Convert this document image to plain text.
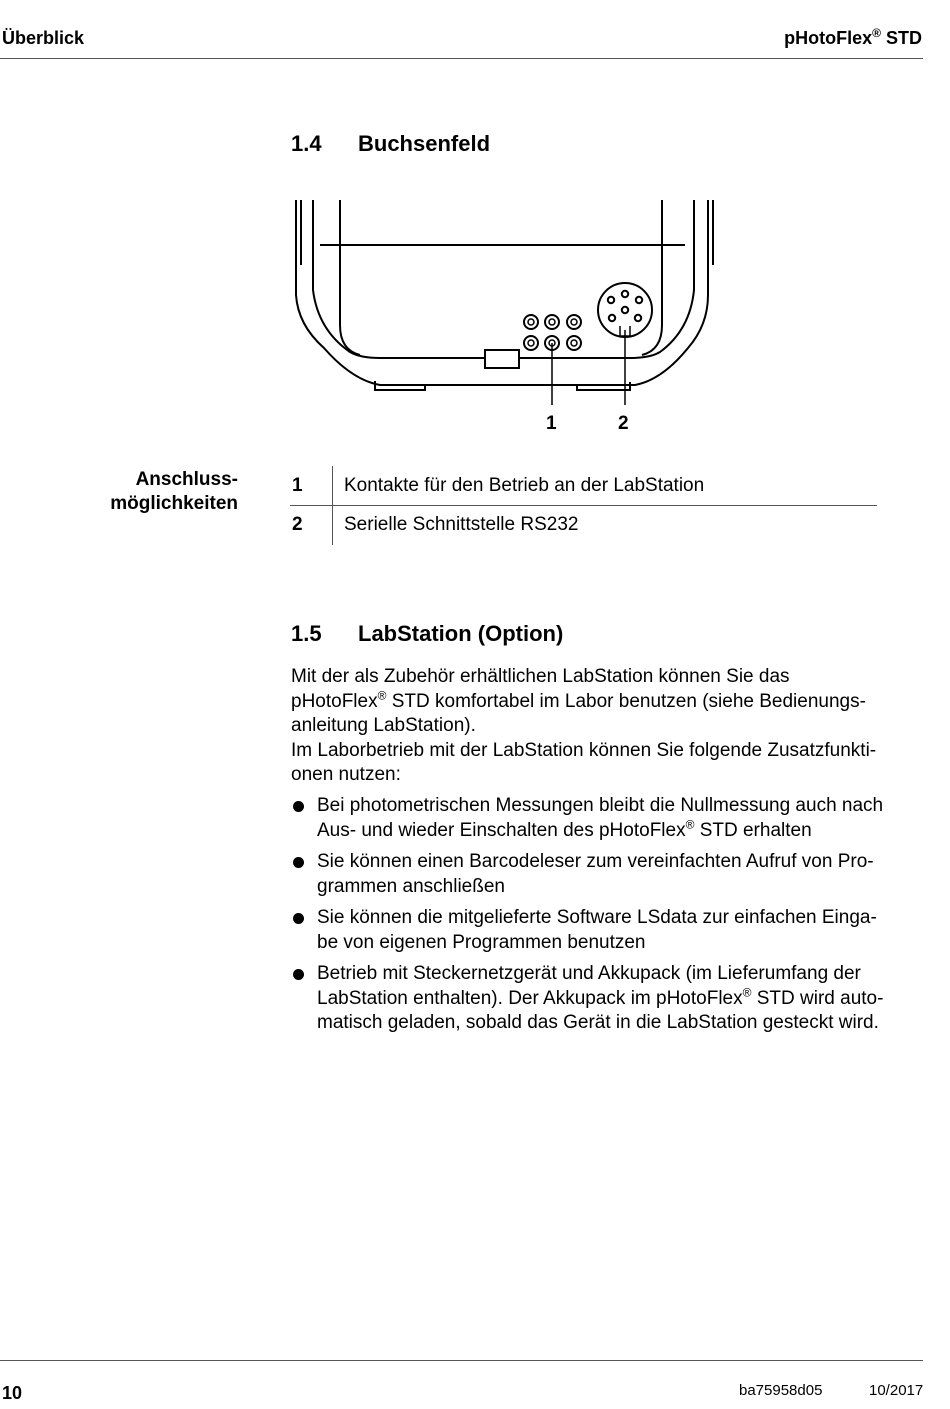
Überblick	pHotoFlex® STD
1.4 Buchsenfeld
1	2
Anschluss-
möglichkeiten
1 Kontakte für den Betrieb an der LabStation
2 Serielle Schnittstelle RS232
1.5 LabStation (Option)
Mit der als Zubehör erhältlichen LabStation können Sie das
pHotoFlex® STD komfortabel im Labor benutzen (siehe Bedienungs-
anleitung LabStation).
Im Laborbetrieb mit der LabStation können Sie folgende Zusatzfunkti-
onen nutzen:
Bei photometrischen Messungen bleibt die Nullmessung auch nach
Aus- und wieder Einschalten des pHotoFlex® STD erhalten
Sie können einen Barcodeleser zum vereinfachten Aufruf von Pro-
grammen anschließen
Sie können die mitgelieferte Software LSdata zur einfachen Einga-
be von eigenen Programmen benutzen
Betrieb mit Steckernetzgerät und Akkupack (im Lieferumfang der
LabStation enthalten). Der Akkupack im pHotoFlex® STD wird auto-
matisch geladen, sobald das Gerät in die LabStation gesteckt wird.
10	ba75958d05	10/2017
